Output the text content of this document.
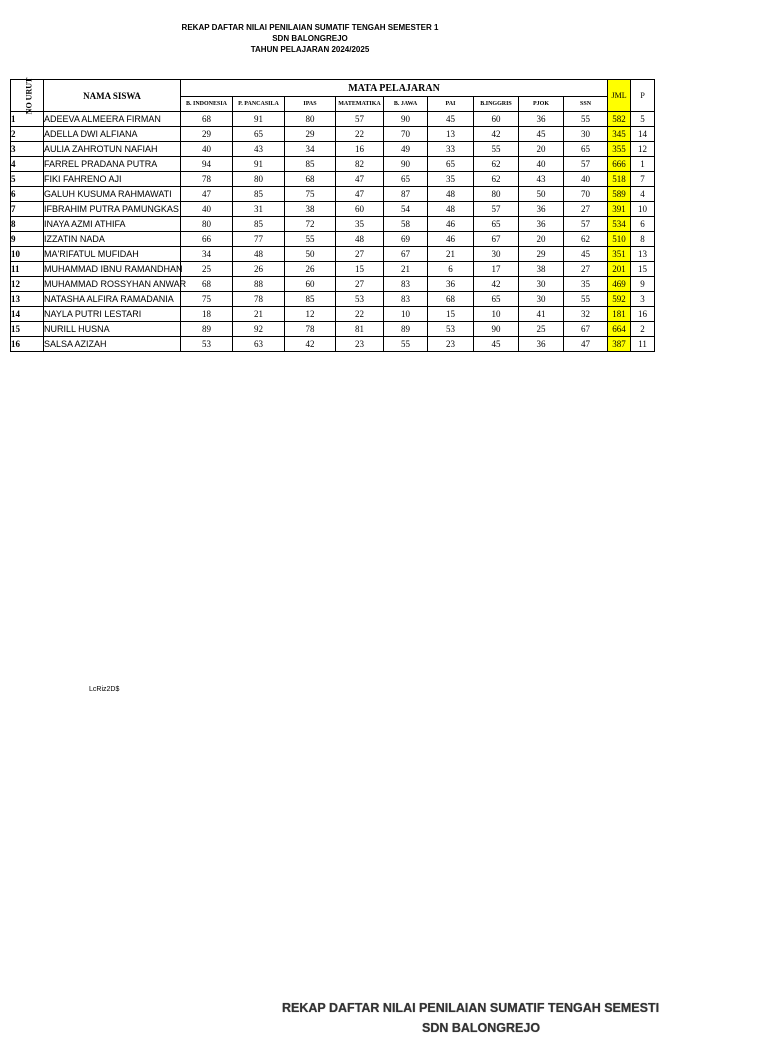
REKAP DAFTAR NILAI PENILAIAN SUMATIF TENGAH SEMESTER 1
SDN BALONGREJO
TAHUN PELAJARAN 2024/2025
NO URUT	NAMA SISWA	MATA PELAJARAN									JML	P
		B. INDONESIA	P. PANCASILA	IPAS	MATEMATIKA	B. JAWA	PAI	B.INGGRIS	PJOK	SSN		
1	ADEEVA ALMEERA FIRMAN	68	91	80	57	90	45	60	36	55	582	5
2	ADELLA DWI ALFIANA	29	65	29	22	70	13	42	45	30	345	14
3	AULIA ZAHROTUN NAFIAH	40	43	34	16	49	33	55	20	65	355	12
4	FARREL PRADANA PUTRA	94	91	85	82	90	65	62	40	57	666	1
5	FIKI FAHRENO AJI	78	80	68	47	65	35	62	43	40	518	7
6	GALUH KUSUMA RAHMAWATI	47	85	75	47	87	48	80	50	70	589	4
7	IFBRAHIM PUTRA PAMUNGKAS	40	31	38	60	54	48	57	36	27	391	10
8	INAYA AZMI ATHIFA	80	85	72	35	58	46	65	36	57	534	6
9	IZZATIN NADA	66	77	55	48	69	46	67	20	62	510	8
10	MA'RIFATUL MUFIDAH	34	48	50	27	67	21	30	29	45	351	13
11	MUHAMMAD IBNU RAMANDHAN	25	26	26	15	21	6	17	38	27	201	15
12	MUHAMMAD ROSSYHAN ANWAR	68	88	60	27	83	36	42	30	35	469	9
13	NATASHA ALFIRA RAMADANIA	75	78	85	53	83	68	65	30	55	592	3
14	NAYLA PUTRI LESTARI	18	21	12	22	10	15	10	41	32	181	16
15	NURILL HUSNA	89	92	78	81	89	53	90	25	67	664	2
16	SALSA AZIZAH	53	63	42	23	55	23	45	36	47	387	11
LcRiz2D$
REKAP DAFTAR NILAI PENILAIAN SUMATIF TENGAH SEMESTI
SDN BALONGREJO
